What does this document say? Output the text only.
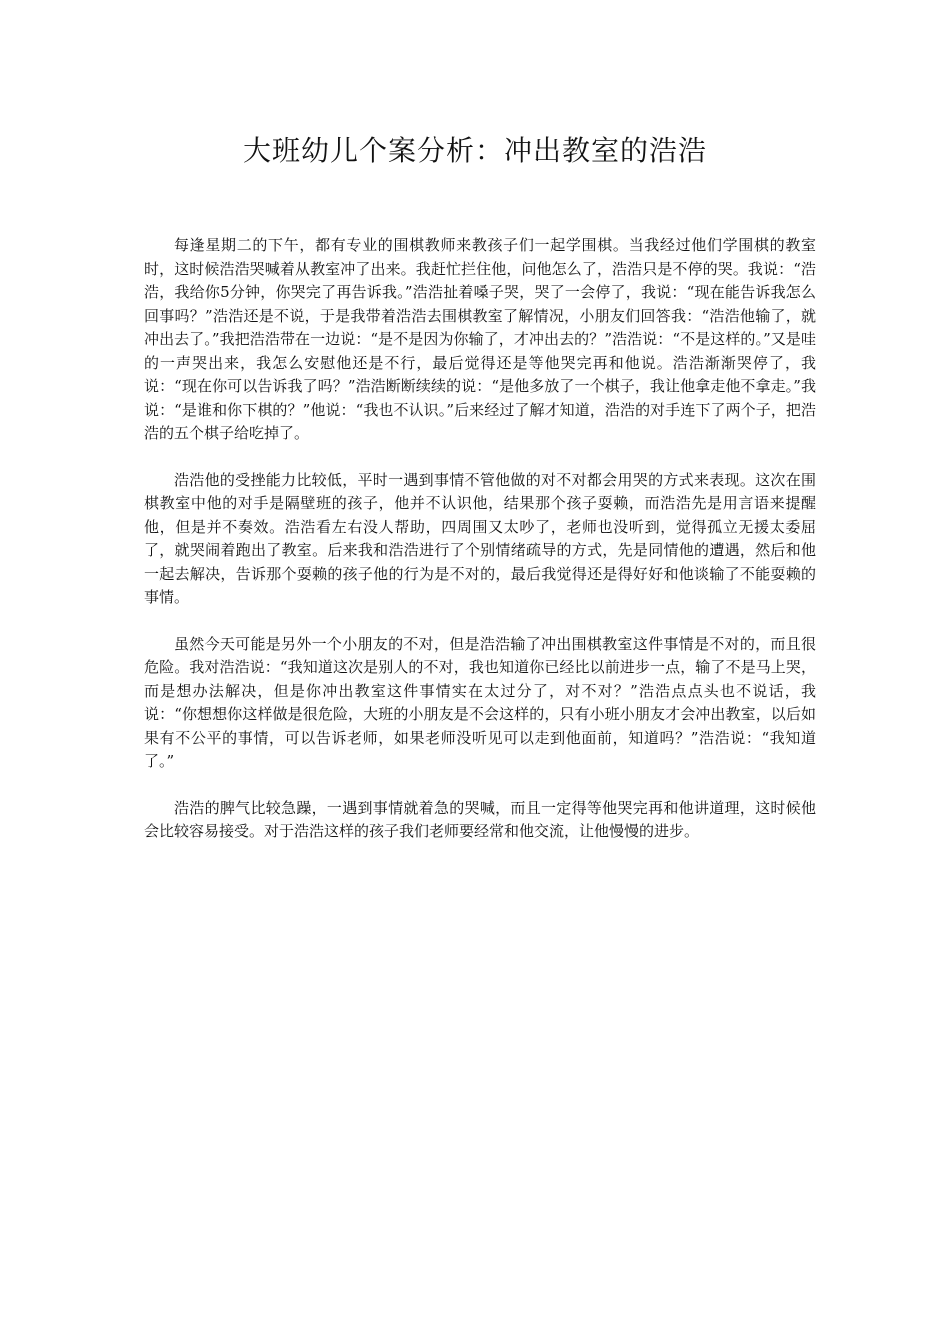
大班幼儿个案分析：冲出教室的浩浩

每逢星期二的下午，都有专业的围棋教师来教孩子们一起学围棋。当我经过他们学围棋的教室时，这时候浩浩哭喊着从教室冲了出来。我赶忙拦住他，问他怎么了，浩浩只是不停的哭。我说：“浩浩，我给你5分钟，你哭完了再告诉我。”浩浩扯着嗓子哭，哭了一会停了，我说：“现在能告诉我怎么回事吗？”浩浩还是不说，于是我带着浩浩去围棋教室了解情况，小朋友们回答我：“浩浩他输了，就冲出去了。”我把浩浩带在一边说：“是不是因为你输了，才冲出去的？”浩浩说：“不是这样的。”又是哇的一声哭出来，我怎么安慰他还是不行，最后觉得还是等他哭完再和他说。浩浩渐渐哭停了，我说：“现在你可以告诉我了吗？”浩浩断断续续的说：“是他多放了一个棋子，我让他拿走他不拿走。”我说：“是谁和你下棋的？”他说：“我也不认识。”后来经过了解才知道，浩浩的对手连下了两个子，把浩浩的五个棋子给吃掉了。

浩浩他的受挫能力比较低，平时一遇到事情不管他做的对不对都会用哭的方式来表现。这次在围棋教室中他的对手是隔壁班的孩子，他并不认识他，结果那个孩子耍赖，而浩浩先是用言语来提醒他，但是并不奏效。浩浩看左右没人帮助，四周围又太吵了，老师也没听到，觉得孤立无援太委屈了，就哭闹着跑出了教室。后来我和浩浩进行了个别情绪疏导的方式，先是同情他的遭遇，然后和他一起去解决，告诉那个耍赖的孩子他的行为是不对的，最后我觉得还是得好好和他谈输了不能耍赖的事情。

虽然今天可能是另外一个小朋友的不对，但是浩浩输了冲出围棋教室这件事情是不对的，而且很危险。我对浩浩说：“我知道这次是别人的不对，我也知道你已经比以前进步一点，输了不是马上哭，而是想办法解决，但是你冲出教室这件事情实在太过分了，对不对？”浩浩点点头也不说话，我说：“你想想你这样做是很危险，大班的小朋友是不会这样的，只有小班小朋友才会冲出教室，以后如果有不公平的事情，可以告诉老师，如果老师没听见可以走到他面前，知道吗？”浩浩说：“我知道了。”

浩浩的脾气比较急躁，一遇到事情就着急的哭喊，而且一定得等他哭完再和他讲道理，这时候他会比较容易接受。对于浩浩这样的孩子我们老师要经常和他交流，让他慢慢的进步。
